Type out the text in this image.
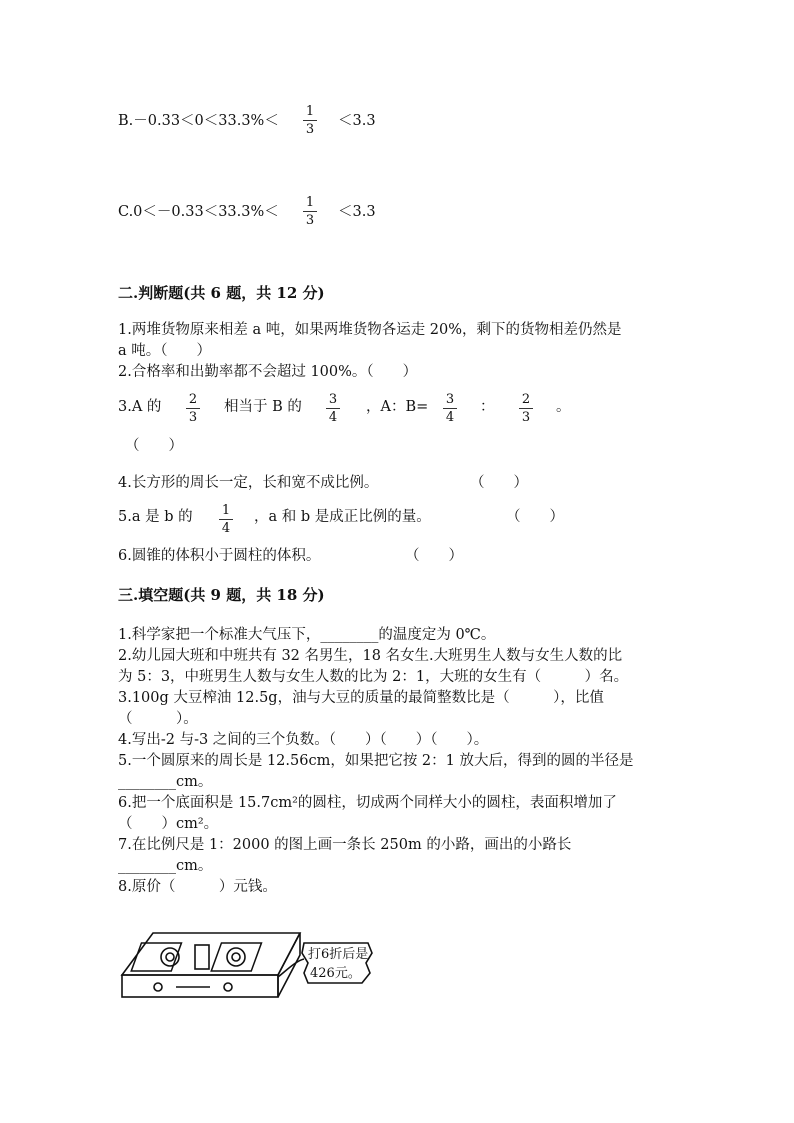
B.－0.33＜0＜33.3%＜
1
3
＜3.3
C.0＜－0.33＜33.3%＜
1
3
＜3.3
二.判断题(共 6 题，共 12 分)
1.两堆货物原来相差 a 吨，如果两堆货物各运走 20%，剩下的货物相差仍然是
a 吨。（　　）
2.合格率和出勤率都不会超过 100%。（　　）
3.A 的	2
3
相当于 B 的	3
4
，A：B=	3
4
：	2
3
。
（　　）
4.长方形的周长一定，长和宽不成比例。	（　　）
5.a 是 b 的	1
4
，a 和 b 是成正比例的量。	（　　）
6.圆锥的体积小于圆柱的体积。	（　　）
三.填空题(共 9 题，共 18 分)
1.科学家把一个标准大气压下，________的温度定为 0℃。
2.幼儿园大班和中班共有 32 名男生，18 名女生.大班男生人数与女生人数的比
为 5：3，中班男生人数与女生人数的比为 2：1，大班的女生有（　　　）名。
3.100g 大豆榨油 12.5g，油与大豆的质量的最简整数比是（　　　），比值
（　　　）。
4.写出-2 与-3 之间的三个负数。（　　）（　　）（　　）。
5.一个圆原来的周长是 12.56cm，如果把它按 2：1 放大后，得到的圆的半径是
________cm。
6.把一个底面积是 15.7cm²的圆柱，切成两个同样大小的圆柱，表面积增加了
（　　）cm²。
7.在比例尺是 1：2000 的图上画一条长 250m 的小路，画出的小路长
________cm。
8.原价（　　　）元钱。
打6折后是
426元。
